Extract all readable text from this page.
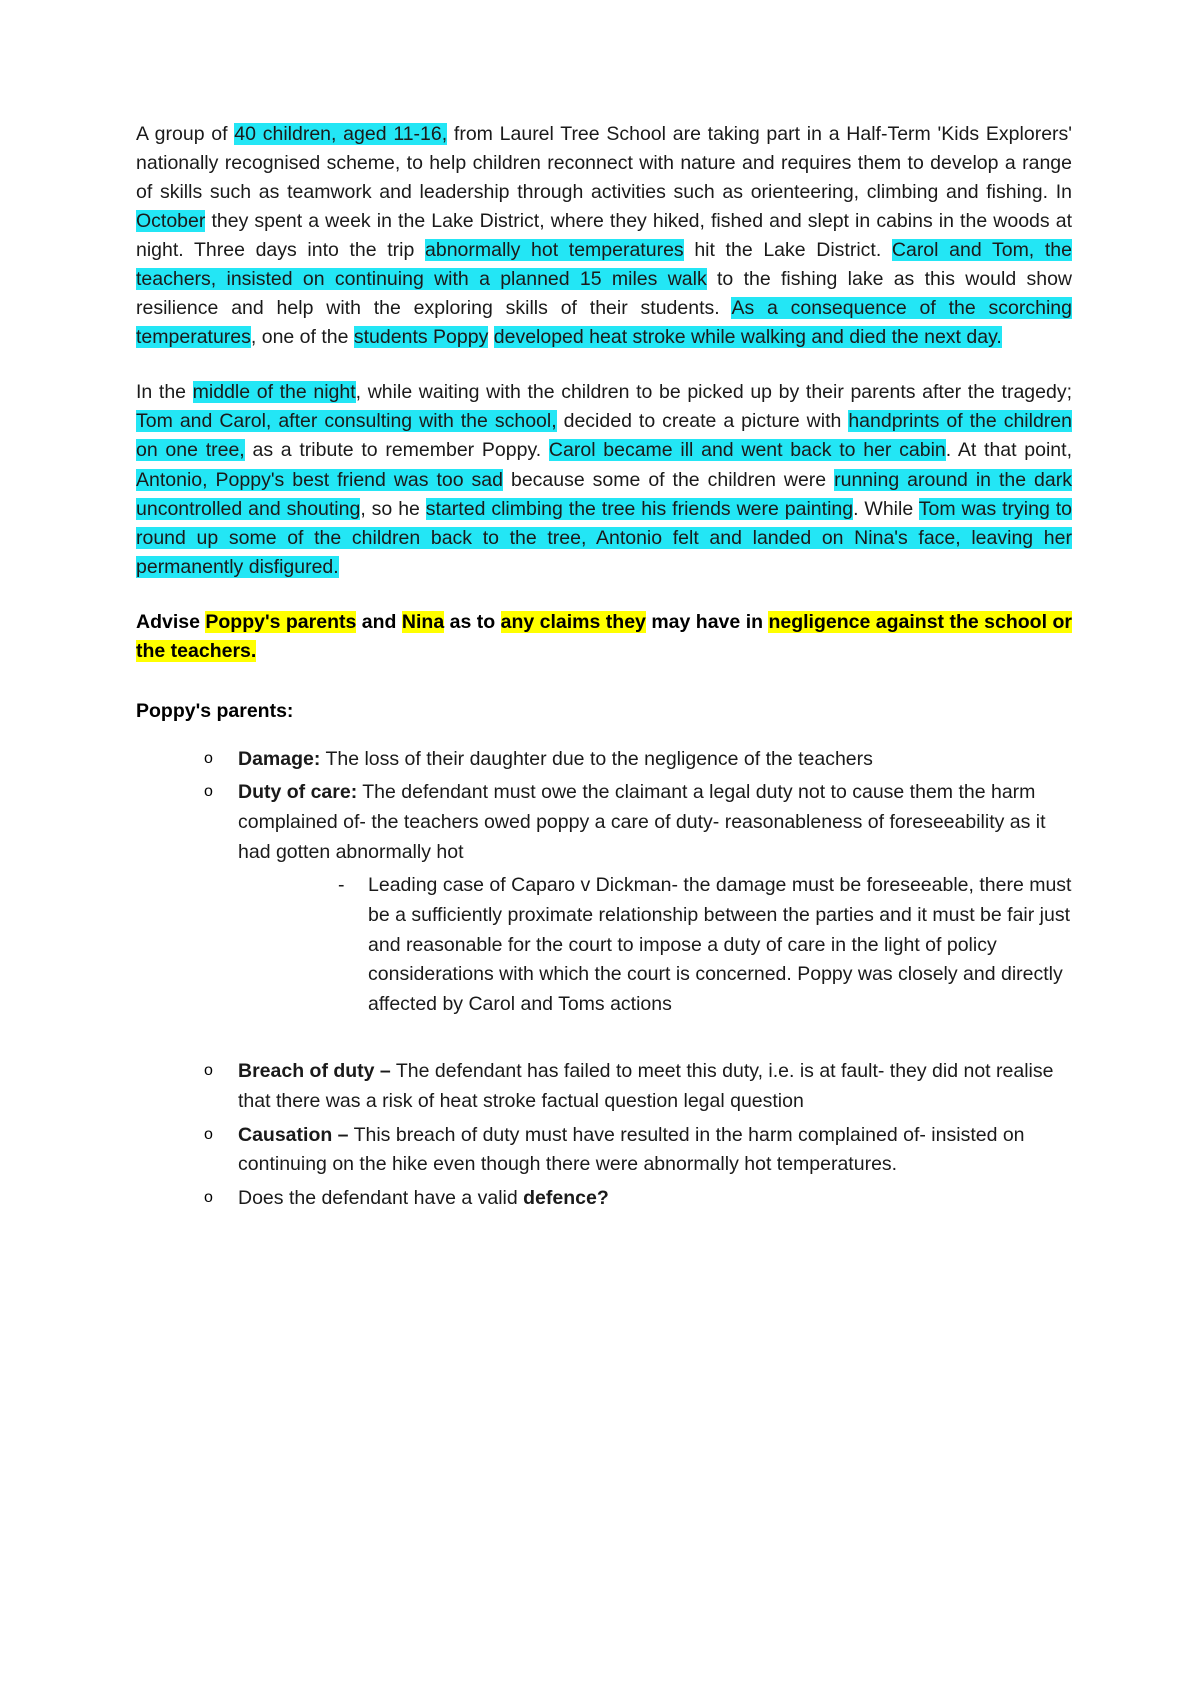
A group of 40 children, aged 11-16, from Laurel Tree School are taking part in a Half-Term 'Kids Explorers' nationally recognised scheme, to help children reconnect with nature and requires them to develop a range of skills such as teamwork and leadership through activities such as orienteering, climbing and fishing. In October they spent a week in the Lake District, where they hiked, fished and slept in cabins in the woods at night. Three days into the trip abnormally hot temperatures hit the Lake District. Carol and Tom, the teachers, insisted on continuing with a planned 15 miles walk to the fishing lake as this would show resilience and help with the exploring skills of their students. As a consequence of the scorching temperatures, one of the students Poppy developed heat stroke while walking and died the next day.

In the middle of the night, while waiting with the children to be picked up by their parents after the tragedy; Tom and Carol, after consulting with the school, decided to create a picture with handprints of the children on one tree, as a tribute to remember Poppy. Carol became ill and went back to her cabin. At that point, Antonio, Poppy's best friend was too sad because some of the children were running around in the dark uncontrolled and shouting, so he started climbing the tree his friends were painting. While Tom was trying to round up some of the children back to the tree, Antonio felt and landed on Nina's face, leaving her permanently disfigured.

Advise Poppy's parents and Nina as to any claims they may have in negligence against the school or the teachers.

Poppy's parents:
o Damage: The loss of their daughter due to the negligence of the teachers
o Duty of care: The defendant must owe the claimant a legal duty not to cause them the harm complained of- the teachers owed poppy a care of duty- reasonableness of foreseeability as it had gotten abnormally hot
- Leading case of Caparo v Dickman- the damage must be foreseeable, there must be a sufficiently proximate relationship between the parties and it must be fair just and reasonable for the court to impose a duty of care in the light of policy considerations with which the court is concerned. Poppy was closely and directly affected by Carol and Toms actions
o Breach of duty – The defendant has failed to meet this duty, i.e. is at fault- they did not realise that there was a risk of heat stroke factual question legal question
o Causation – This breach of duty must have resulted in the harm complained of- insisted on continuing on the hike even though there were abnormally hot temperatures.
o Does the defendant have a valid defence?
